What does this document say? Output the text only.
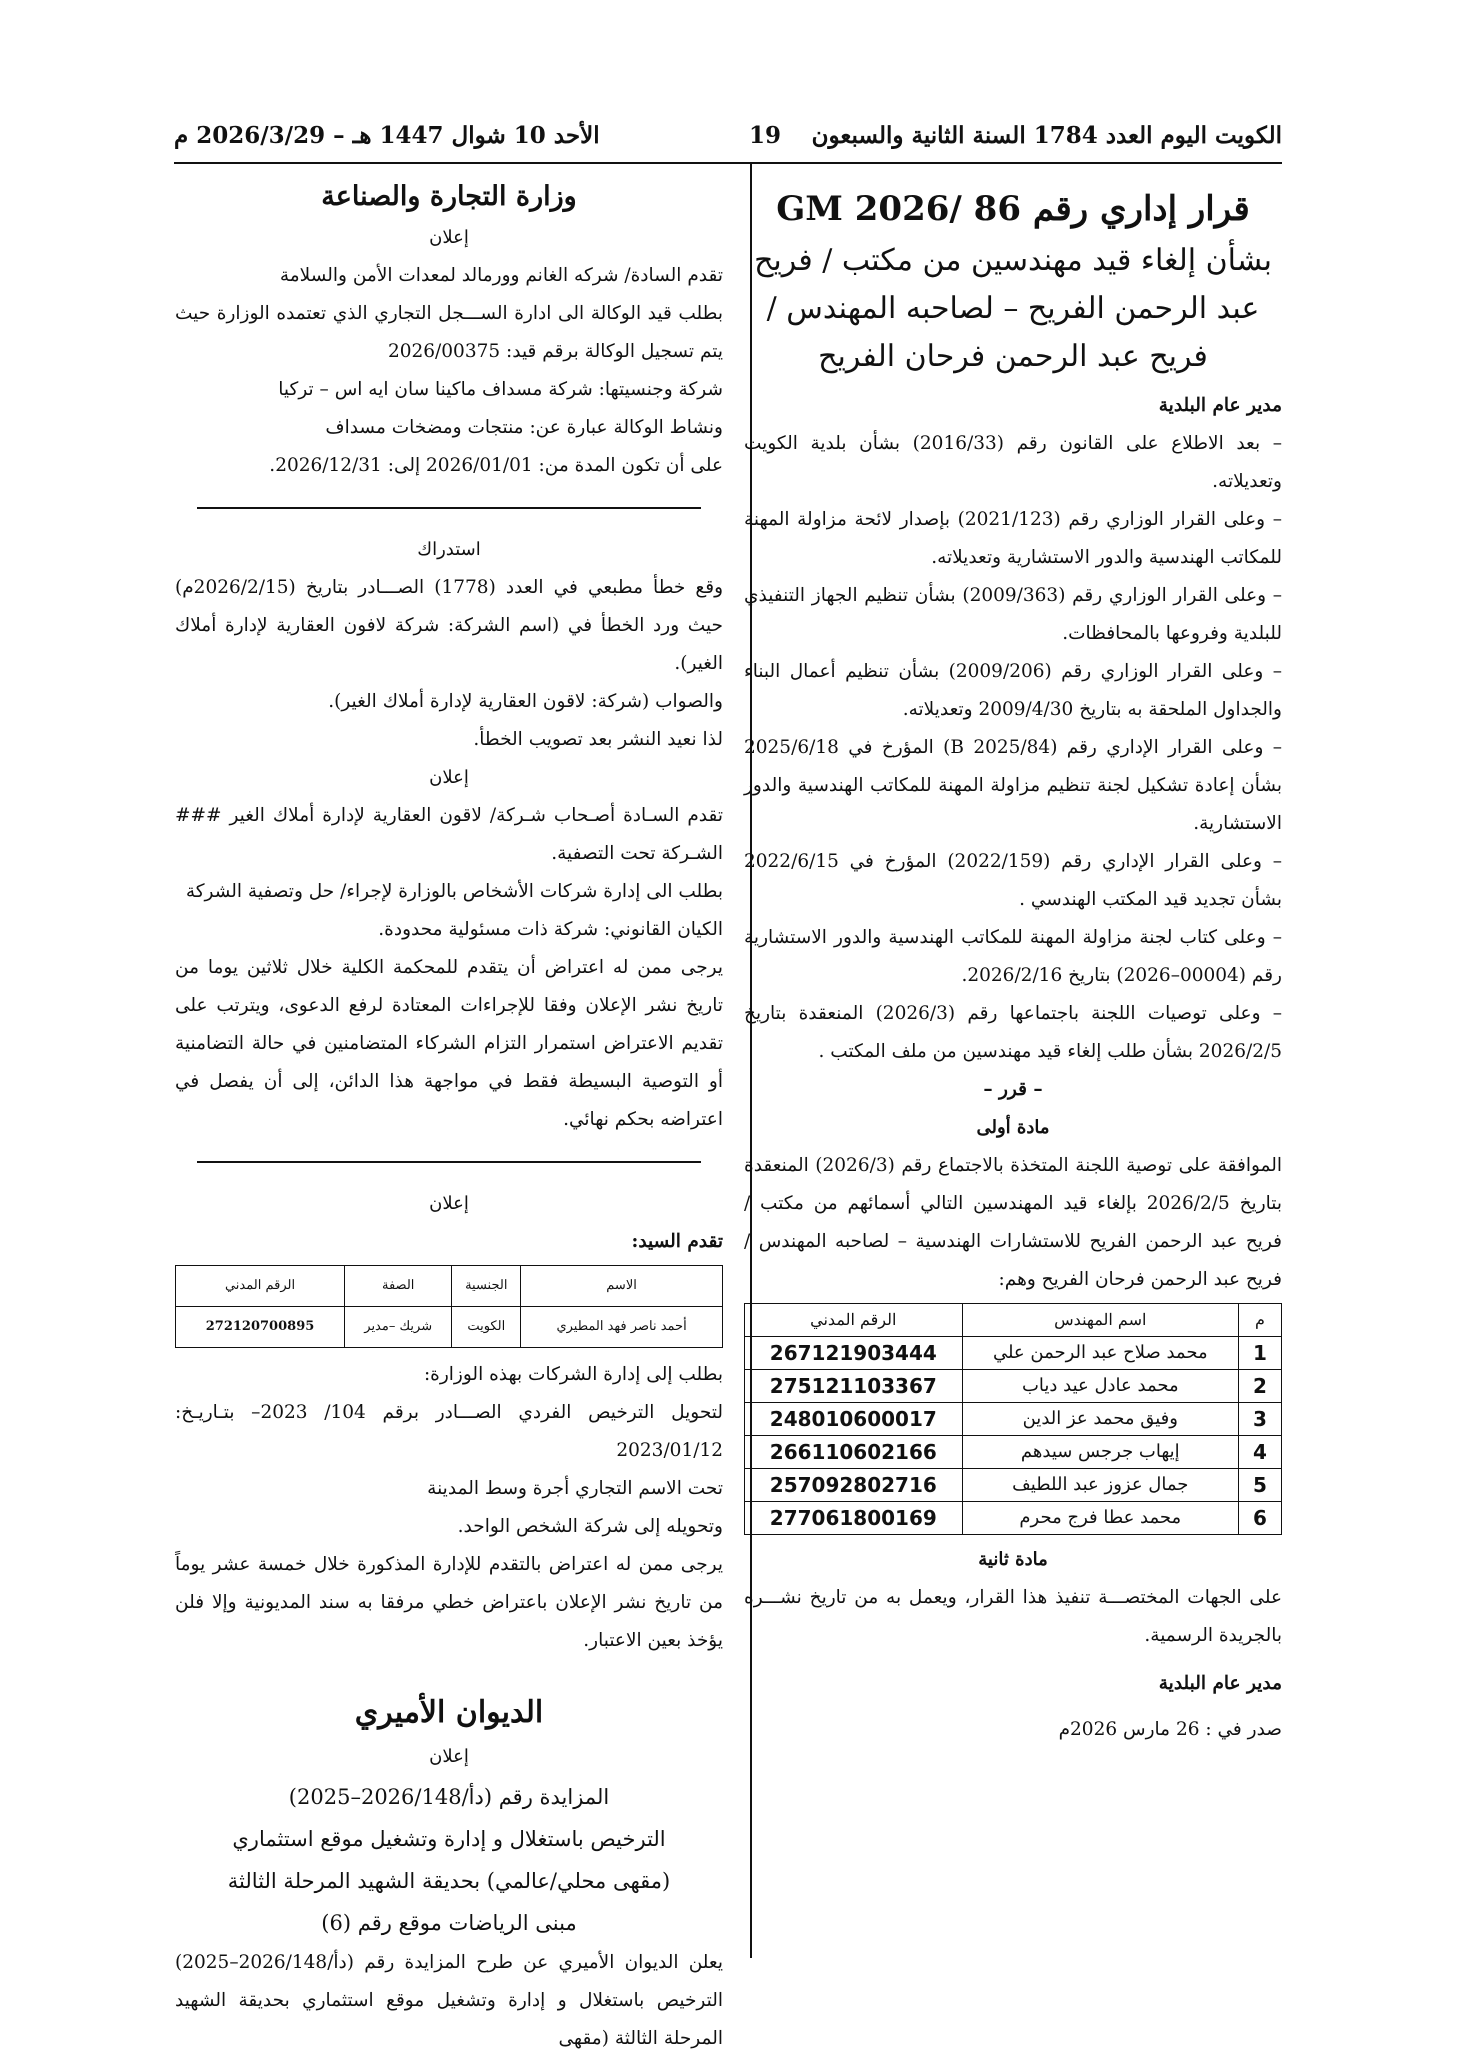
الكويت اليوم العدد 1784 السنة الثانية والسبعون
19
الأحد 10 شوال 1447 هـ – 2026/3/29 م
قرار إداري رقم 86 /2026 GM
بشأن إلغاء قيد مهندسين من مكتب / فريح عبد الرحمن الفريح – لصاحبه المهندس / فريح عبد الرحمن فرحان الفريح

مدير عام البلدية

– بعد الاطلاع على القانون رقم (2016/33) بشأن بلدية الكويت وتعديلاته.

– وعلى القرار الوزاري رقم (2021/123) بإصدار لائحة مزاولة المهنة للمكاتب الهندسية والدور الاستشارية وتعديلاته.

– وعلى القرار الوزاري رقم (2009/363) بشأن تنظيم الجهاز التنفيذي للبلدية وفروعها بالمحافظات.

– وعلى القرار الوزاري رقم (2009/206) بشأن تنظيم أعمال البناء والجداول الملحقة به بتاريخ 2009/4/30 وتعديلاته.

– وعلى القرار الإداري رقم (B 2025/84) المؤرخ في 2025/6/18 بشأن إعادة تشكيل لجنة تنظيم مزاولة المهنة للمكاتب الهندسية والدور الاستشارية.

– وعلى القرار الإداري رقم (2022/159) المؤرخ في 2022/6/15 بشأن تجديد قيد المكتب الهندسي .

– وعلى كتاب لجنة مزاولة المهنة للمكاتب الهندسية والدور الاستشارية رقم (00004–2026) بتاريخ 2026/2/16.

– وعلى توصيات اللجنة باجتماعها رقم (2026/3) المنعقدة بتاريخ 2026/2/5 بشأن طلب إلغاء قيد مهندسين من ملف المكتب .

– قرر –

مادة أولى

الموافقة على توصية اللجنة المتخذة بالاجتماع رقم (2026/3) المنعقدة بتاريخ 2026/2/5 بإلغاء قيد المهندسين التالي أسمائهم من مكتب / فريح عبد الرحمن الفريح للاستشارات الهندسية – لصاحبه المهندس / فريح عبد الرحمن فرحان الفريح وهم:

م	اسم المهندس	الرقم المدني
1	محمد صلاح عبد الرحمن علي	267121903444
2	محمد عادل عيد دياب	275121103367
3	وفيق محمد عز الدين	248010600017
4	إيهاب جرجس سيدهم	266110602166
5	جمال عزوز عبد اللطيف	257092802716
6	محمد عطا فرج محرم	277061800169

مادة ثانية

على الجهات المختصـــة تنفيذ هذا القرار، ويعمل به من تاريخ نشـــره بالجريدة الرسمية.

مدير عام البلدية

صدر في : 26 مارس 2026م

وزارة التجارة والصناعة

إعلان

تقدم السادة/ شركه الغانم وورمالد لمعدات الأمن والسلامة

بطلب قيد الوكالة الى ادارة الســـجل التجاري الذي تعتمده الوزارة حيث يتم تسجيل الوكالة برقم قيد: 2026/00375

شركة وجنسيتها: شركة مسداف ماكينا سان ايه اس – تركيا

ونشاط الوكالة عبارة عن: منتجات ومضخات مسداف

على أن تكون المدة من: 2026/01/01 إلى: 2026/12/31.

استدراك

وقع خطأ مطبعي في العدد (1778) الصـــادر بتاريخ (2026/2/15م) حيث ورد الخطأ في (اسم الشركة: شركة لافون العقارية لإدارة أملاك الغير).

والصواب (شركة: لاقون العقارية لإدارة أملاك الغير).

لذا نعيد النشر بعد تصويب الخطأ.

إعلان

تقدم السـادة أصـحاب شـركة/ لاقون العقارية لإدارة أملاك الغير ### الشـركة تحت التصفية.

بطلب الى إدارة شركات الأشخاص بالوزارة لإجراء/ حل وتصفية الشركة

الكيان القانوني: شركة ذات مسئولية محدودة.

يرجى ممن له اعتراض أن يتقدم للمحكمة الكلية خلال ثلاثين يوما من تاريخ نشر الإعلان وفقا للإجراءات المعتادة لرفع الدعوى، ويترتب على تقديم الاعتراض استمرار التزام الشركاء المتضامنين في حالة التضامنية أو التوصية البسيطة فقط في مواجهة هذا الدائن، إلى أن يفصل في اعتراضه بحكم نهائي.

إعلان

تقدم السيد:

الاسم	الجنسية	الصفة	الرقم المدني
أحمد ناصر فهد المطيري	الكويت	شريك –مدير	272120700895

بطلب إلى إدارة الشركات بهذه الوزارة:

لتحويل الترخيص الفردي الصـــادر برقم 104/ 2023– بتـاريـخ: 2023/01/12

تحت الاسم التجاري أجرة وسط المدينة

وتحويله إلى شركة الشخص الواحد.

يرجى ممن له اعتراض بالتقدم للإدارة المذكورة خلال خمسة عشر يوماً من تاريخ نشر الإعلان باعتراض خطي مرفقا به سند المديونية وإلا فلن يؤخذ بعين الاعتبار.

الديوان الأميري

إعلان

المزايدة رقم (دأ/2026/148–2025)

الترخيص باستغلال و إدارة وتشغيل موقع استثماري

(مقهى محلي/عالمي) بحديقة الشهيد المرحلة الثالثة

مبنى الرياضات موقع رقم (6)

يعلن الديوان الأميري عن طرح المزايدة رقم (دأ/2026/148–2025) الترخيص باستغلال و إدارة وتشغيل موقع استثماري بحديقة الشهيد المرحلة الثالثة (مقهى
